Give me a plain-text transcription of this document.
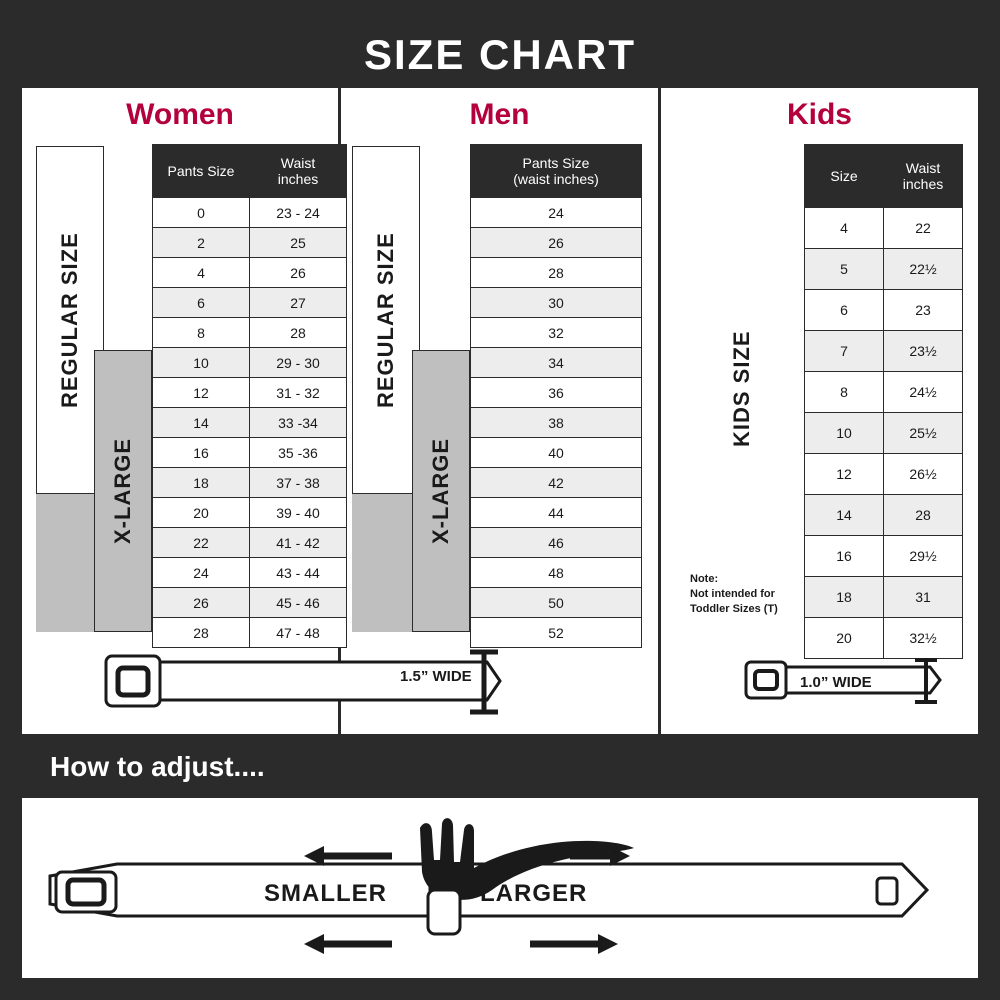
SIZE CHART
Women	Men	Kids
REGULAR SIZE
X-LARGE
Pants Size	Waist
inches

0	23 - 24
2	25
4	26
6	27
8	28
10	29 - 30
12	31 - 32
14	33 -34
16	35 -36
18	37 - 38
20	39 - 40
22	41 - 42
24	43 - 44
26	45 - 46
28	47 - 48
REGULAR SIZE
X-LARGE
Pants Size
(waist inches)

24
26
28
30
32
34
36
38
40
42
44
46
48
50
52
KIDS SIZE
Note:
Not intended for
Toddler Sizes (T)
Size	Waist
inches

4	22
5	22½
6	23
7	23½
8	24½
10	25½
12	26½
14	28
16	29½
18	31
20	32½
1.5” WIDE	1.0” WIDE
How to adjust....
SMALLER	LARGER
